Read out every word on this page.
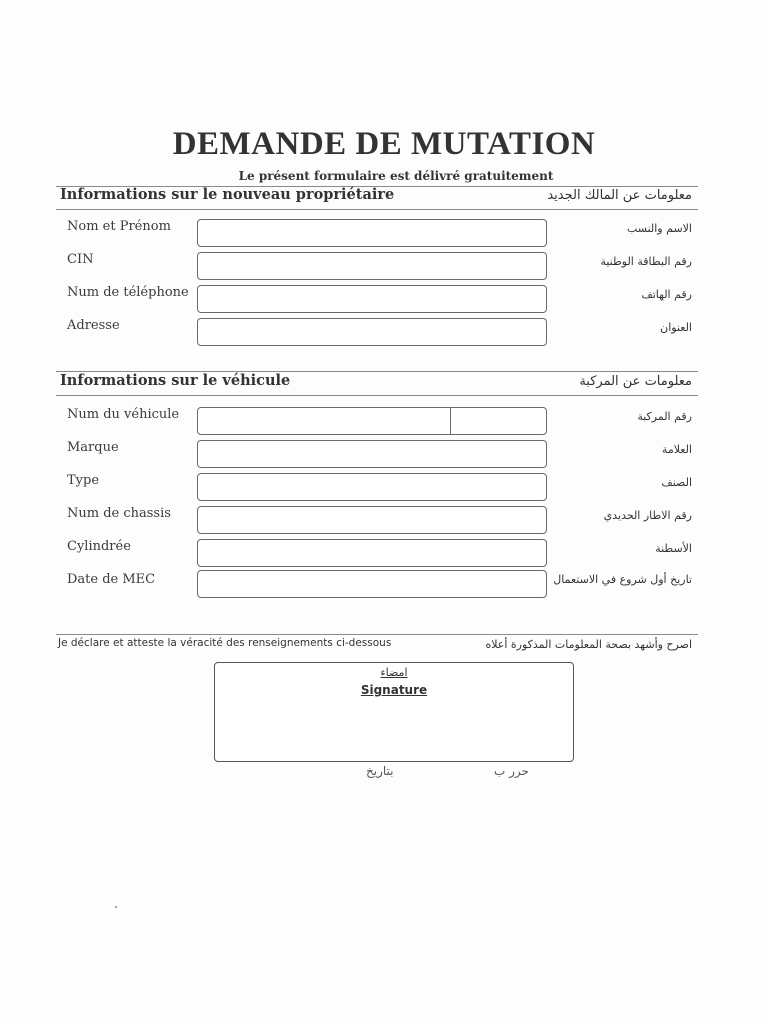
DEMANDE DE MUTATION
Le présent formulaire est délivré gratuitement
Informations sur le nouveau propriétaire	معلومات عن المالك الجديد
Nom et Prénom	الاسم والنسب
CIN	رقم البطاقة الوطنية
Num de téléphone	رقم الهاتف
Adresse	العنوان
Informations sur le véhicule	معلومات عن المركبة
Num du véhicule	رقم المركبة
Marque	العلامة
Type	الصنف
Num de chassis	رقم الاطار الحديدي
Cylindrée	الأسطنة
Date de MEC	تاريخ أول شروع في الاستعمال
Je déclare et atteste la véracité des renseignements ci-dessous	اصرح وأشهد بصحة المعلومات المذكورة أعلاه
امضاء
Signature
بتاريخ	حرر ب
